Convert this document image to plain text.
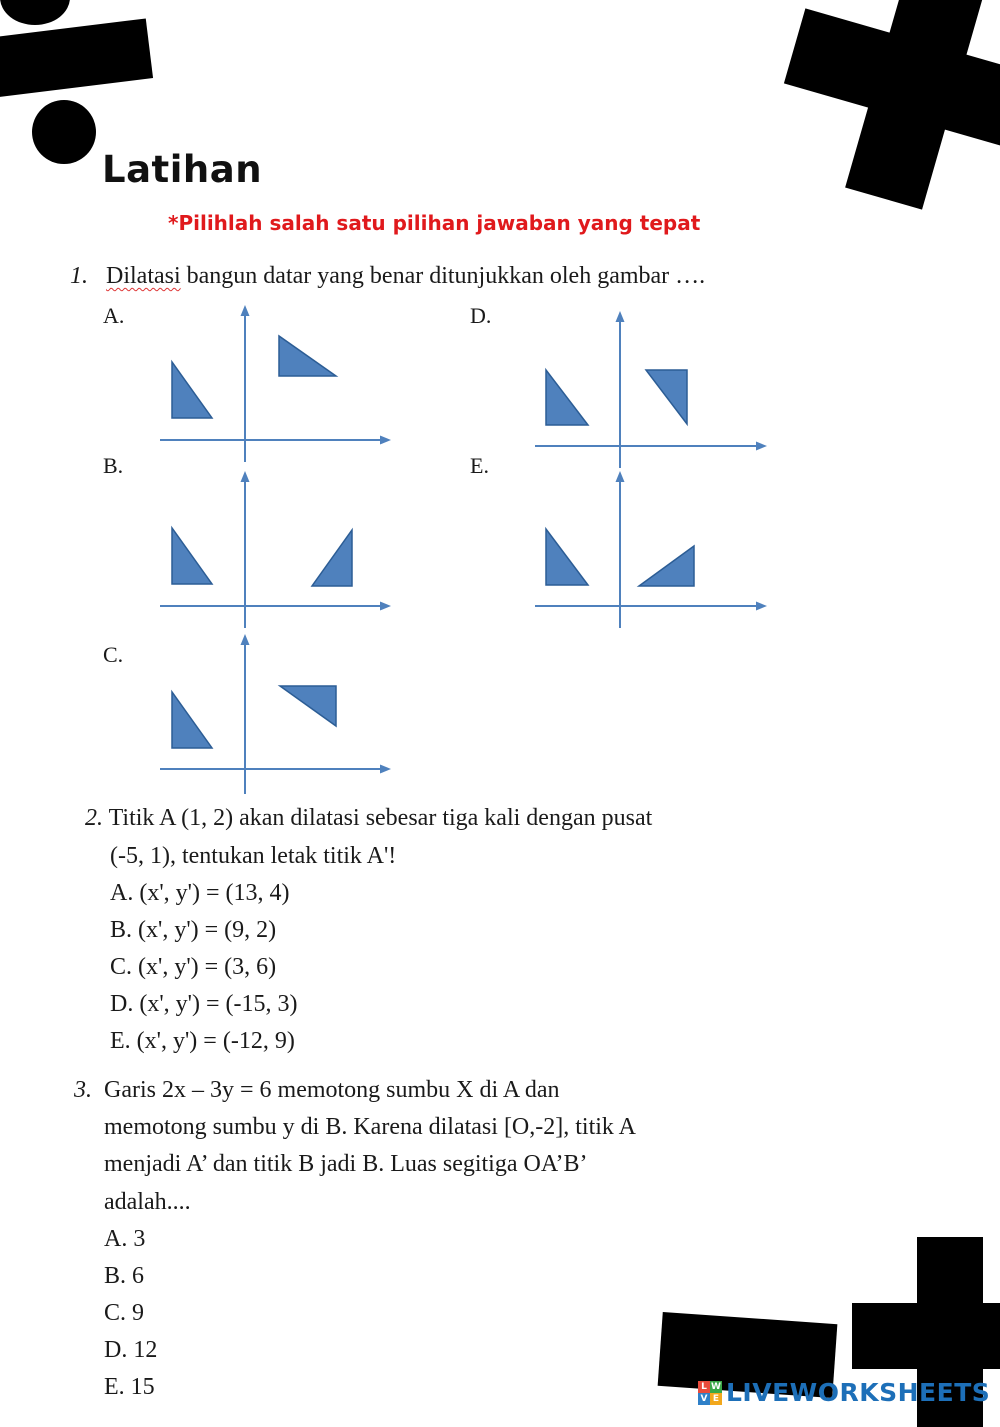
Latihan
*Pilihlah salah satu pilihan jawaban yang tepat
1. Dilatasi bangun datar yang benar ditunjukkan oleh gambar ….
A.
B.
C.
D.
E.
2. Titik A (1, 2) akan dilatasi sebesar tiga kali dengan pusat
(-5, 1), tentukan letak titik A'!
A. (x', y') = (13, 4)
B. (x', y') = (9, 2)
C. (x', y') = (3, 6)
D. (x', y') = (-15, 3)
E. (x', y') = (-12, 9)
3. Garis 2x – 3y = 6 memotong sumbu X di A dan
memotong sumbu y di B. Karena dilatasi [O,-2], titik A
menjadi A’ dan titik B jadi B. Luas segitiga OA’B’
adalah....
A. 3
B. 6
C. 9
D. 12
E. 15	L W
V E LIVEWORKSHEETS
